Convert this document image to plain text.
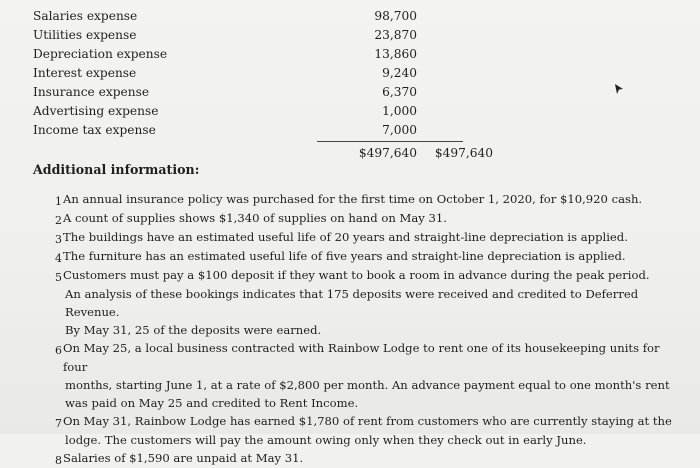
Salaries expense	98,700
Utilities expense	23,870
Depreciation expense	13,860
Interest expense	9,240
Insurance expense	6,370
Advertising expense	1,000
Income tax expense	7,000
$497,640 $497,640
Additional information:
1An annual insurance policy was purchased for the first time on October 1, 2020, for $10,920 cash.
2A count of supplies shows $1,340 of supplies on hand on May 31.
3The buildings have an estimated useful life of 20 years and straight-line depreciation is applied.
4The furniture has an estimated useful life of five years and straight-line depreciation is applied.
5Customers must pay a $100 deposit if they want to book a room in advance during the peak period.
An analysis of these bookings indicates that 175 deposits were received and credited to Deferred Revenue.
By May 31, 25 of the deposits were earned.
6On May 25, a local business contracted with Rainbow Lodge to rent one of its housekeeping units for four
months, starting June 1, at a rate of $2,800 per month. An advance payment equal to one month's rent
was paid on May 25 and credited to Rent Income.
7On May 31, Rainbow Lodge has earned $1,780 of rent from customers who are currently staying at the
lodge. The customers will pay the amount owing only when they check out in early June.
8Salaries of $1,590 are unpaid at May 31.
